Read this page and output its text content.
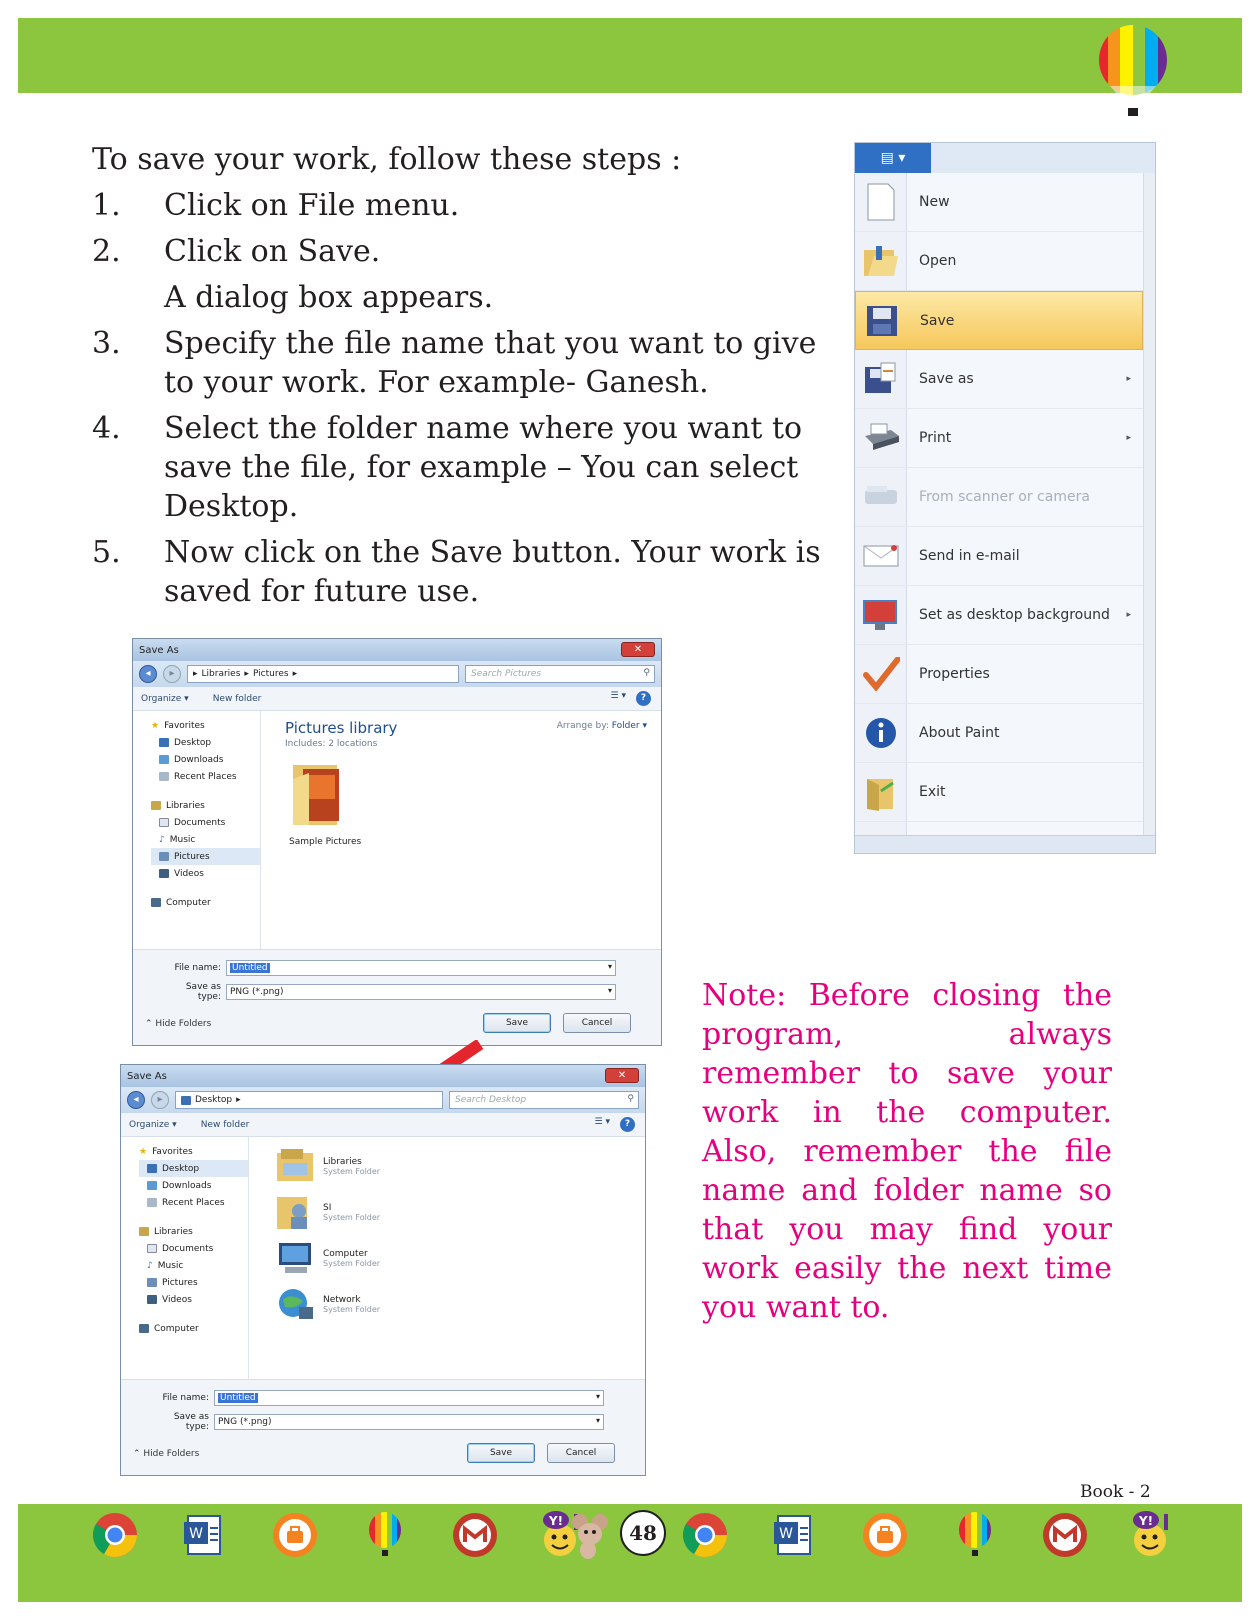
To save your work, follow these steps :
1.	Click on File menu.
2.	Click on Save.
A dialog box appears.
3.	Specify the file name that you want to give to your work. For example- Ganesh.
4.	Select the folder name where you want to save the file, for example – You can select Desktop.
5.	Now click on the Save button. Your work is saved for future use.
▤ ▾
New
Open
Save
Save as	▸
Print	▸
From scanner or camera
Send in e-mail
Set as desktop background ▸
Properties
About Paint
Exit
Save As	✕
◂	▸	▸ Libraries ▸ Pictures ▸	Search Pictures	⚲
Organize ▾	New folder	☰ ▾	?
★ Favorites
Desktop
Downloads
Recent Places
Libraries
Documents
♪ Music
Pictures
Videos
Computer
Pictures library
Includes: 2 locations
Arrange by: Folder ▾
Sample Pictures
File name: Untitled	▾
Save as type: PNG (*.png)	▾
⌃ Hide Folders	Save	Cancel
Save As	✕
◂	▸	Desktop ▸	Search Desktop	⚲
Organize ▾	New folder	☰ ▾	?
★ Favorites
Desktop
Downloads
Recent Places
Libraries
Documents
♪ Music
Pictures
Videos
Computer
Libraries
System Folder
SI
System Folder
Computer
System Folder
Network
System Folder
File name: Untitled	▾
Save as type: PNG (*.png)	▾
⌃ Hide Folders	Save	Cancel
Note: Before closing the program, always remember to save your work in the computer. Also, remember the file name and folder name so that you may find your work easily the next time you want to.
Book - 2
W
Y!
W
Y!
48
